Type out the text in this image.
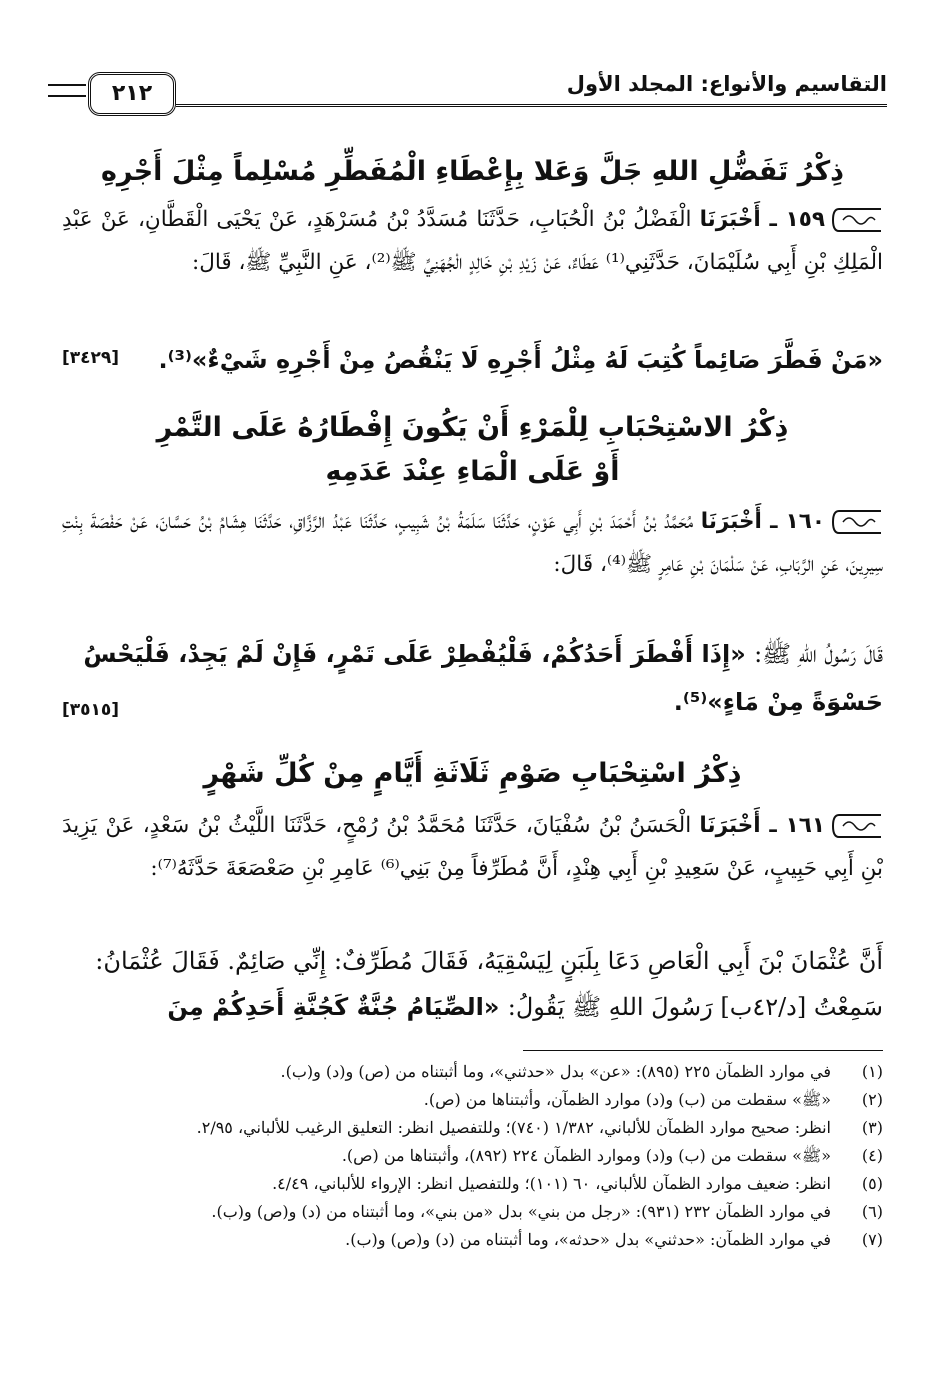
التقاسيم والأنواع: المجلد الأول
٢١٢
ذِكْرُ تَفَضُّلِ اللهِ جَلَّ وَعَلا بِإِعْطَاءِ الْمُفَطِّرِ مُسْلِماً مِثْلَ أَجْرِهِ
١٥٩ ـ أَخْبَرَنَا الْفَضْلُ بْنُ الْحُبَابِ، حَدَّثَنَا مُسَدَّدُ بْنُ مُسَرْهَدٍ، عَنْ يَحْيَى الْقَطَّانِ، عَنْ عَبْدِ الْمَلِكِ بْنِ أَبِي سُلَيْمَانَ، حَدَّثَنِي⁽¹⁾ عَطَاءٌ، عَنْ زَيْدِ بْنِ خَالِدٍ الْجُهَنِيِّ ﷺ⁽²⁾، عَنِ النَّبِيِّ ﷺ، قَالَ:
«مَنْ فَطَّرَ صَائِماً كُتِبَ لَهُ مِثْلُ أَجْرِهِ لَا يَنْقُصُ مِنْ أَجْرِهِ شَيْءٌ»⁽³⁾.
[٣٤٢٩]
ذِكْرُ الاسْتِحْبَابِ لِلْمَرْءِ أَنْ يَكُونَ إِفْطَارُهُ عَلَى التَّمْرِ
أَوْ عَلَى الْمَاءِ عِنْدَ عَدَمِهِ
١٦٠ ـ أَخْبَرَنَا مُحَمَّدُ بْنُ أَحْمَدَ بْنِ أَبِي عَوْنٍ، حَدَّثَنَا سَلَمَةُ بْنُ شَبِيبٍ، حَدَّثَنَا عَبْدُ الرَّزَّاقِ، حَدَّثَنَا هِشَامُ بْنُ حَسَّانَ، عَنْ حَفْصَةَ بِنْتِ سِيرِينَ، عَنِ الرَّبَابِ، عَنْ سَلْمَانَ بْنِ عَامِرٍ ﷺ⁽⁴⁾، قَالَ:
قَالَ رَسُولُ اللهِ ﷺ: «إِذَا أَفْطَرَ أَحَدُكُمْ، فَلْيُفْطِرْ عَلَى تَمْرٍ، فَإِنْ لَمْ يَجِدْ، فَلْيَحْسُ حَسْوَةً مِنْ مَاءٍ»⁽⁵⁾.
[٣٥١٥]
ذِكْرُ اسْتِحْبَابِ صَوْمِ ثَلَاثَةِ أَيَّامٍ مِنْ كُلِّ شَهْرٍ
١٦١ ـ أَخْبَرَنَا الْحَسَنُ بْنُ سُفْيَانَ، حَدَّثَنَا مُحَمَّدُ بْنُ رُمْحٍ، حَدَّثَنَا اللَّيْثُ بْنُ سَعْدٍ، عَنْ يَزِيدَ بْنِ أَبِي حَبِيبٍ، عَنْ سَعِيدِ بْنِ أَبِي هِنْدٍ، أَنَّ مُطَرِّفاً مِنْ بَنِي⁽⁶⁾ عَامِرِ بْنِ صَعْصَعَةَ حَدَّثَهُ⁽⁷⁾:
أَنَّ عُثْمَانَ بْنَ أَبِي الْعَاصِ دَعَا بِلَبَنٍ لِيَسْقِيَهُ، فَقَالَ مُطَرِّفٌ: إِنِّي صَائِمٌ. فَقَالَ عُثْمَانُ: سَمِعْتُ [د/٤٢ب] رَسُولَ اللهِ ﷺ يَقُولُ: «الصِّيَامُ جُنَّةٌ كَجُنَّةِ أَحَدِكُمْ مِنَ
(١)
في موارد الظمآن ٢٢٥ (٨٩٥): «عن» بدل «حدثني»، وما أثبتناه من (ص) و(د) و(ب).
(٢)
«ﷺ» سقطت من (ب) و(د) موارد الظمآن، وأثبتناها من (ص).
(٣)
انظر: صحيح موارد الظمآن للألباني، ١/٣٨٢ (٧٤٠)؛ وللتفصيل انظر: التعليق الرغيب للألباني، ٢/٩٥.
(٤)
«ﷺ» سقطت من (ب) و(د) وموارد الظمآن ٢٢٤ (٨٩٢)، وأثبتناها من (ص).
(٥)
انظر: ضعيف موارد الظمآن للألباني، ٦٠ (١٠١)؛ وللتفصيل انظر: الإرواء للألباني، ٤/٤٩.
(٦)
في موارد الظمآن ٢٣٢ (٩٣١): «رجل من بني» بدل «من بني»، وما أثبتناه من (د) و(ص) و(ب).
(٧)
في موارد الظمآن: «حدثني» بدل «حدثه»، وما أثبتناه من (د) و(ص) و(ب).
